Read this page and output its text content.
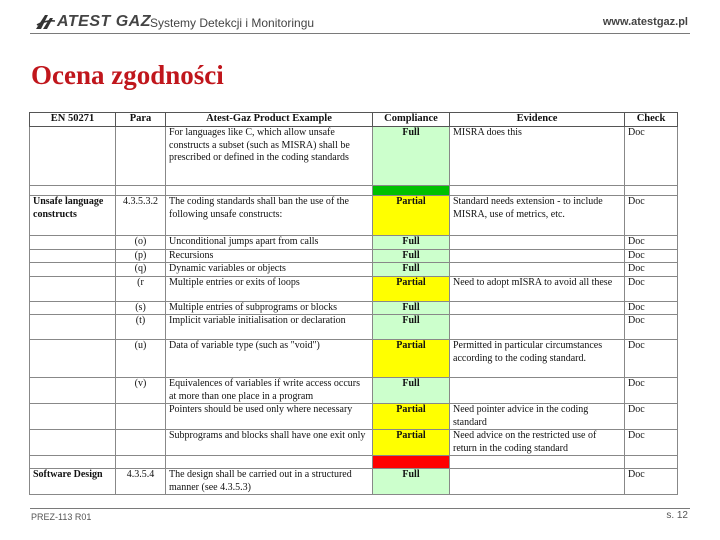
ATEST GAZ Systemy Detekcji i Monitoringu	www.atestgaz.pl
Ocena zgodności
EN 50271	Para	Atest-Gaz Product Example	Compliance	Evidence	Check
		For languages like C, which allow unsafe constructs a subset (such as MISRA) shall be prescribed or defined in the coding standards	Full	MISRA does this	Doc

Unsafe language constructs	4.3.5.3.2	The coding standards shall ban the use of the following unsafe constructs:	Partial	Standard needs extension - to include MISRA, use of metrics, etc.	Doc
	(o)	Unconditional jumps apart from calls	Full		Doc
	(p)	Recursions	Full		Doc
	(q)	Dynamic variables or objects	Full		Doc
	(r	Multiple entries or exits of loops	Partial	Need to adopt mISRA to avoid all these	Doc
	(s)	Multiple entries of subprograms or blocks	Full		Doc
	(t)	Implicit variable initialisation or declaration	Full		Doc
	(u)	Data of variable type (such as "void")	Partial	Permitted in particular circumstances according to the coding standard.	Doc
	(v)	Equivalences of variables if write access occurs at more than one place in a program	Full		Doc
		Pointers should be used only where necessary	Partial	Need pointer advice in the coding standard	Doc
		Subprograms and blocks shall have one exit only	Partial	Need advice on the restricted use of return in the coding standard	Doc

Software Design	4.3.5.4	The design shall be carried out in a structured manner (see 4.3.5.3)	Full		Doc
PREZ-113 R01	s. 12
